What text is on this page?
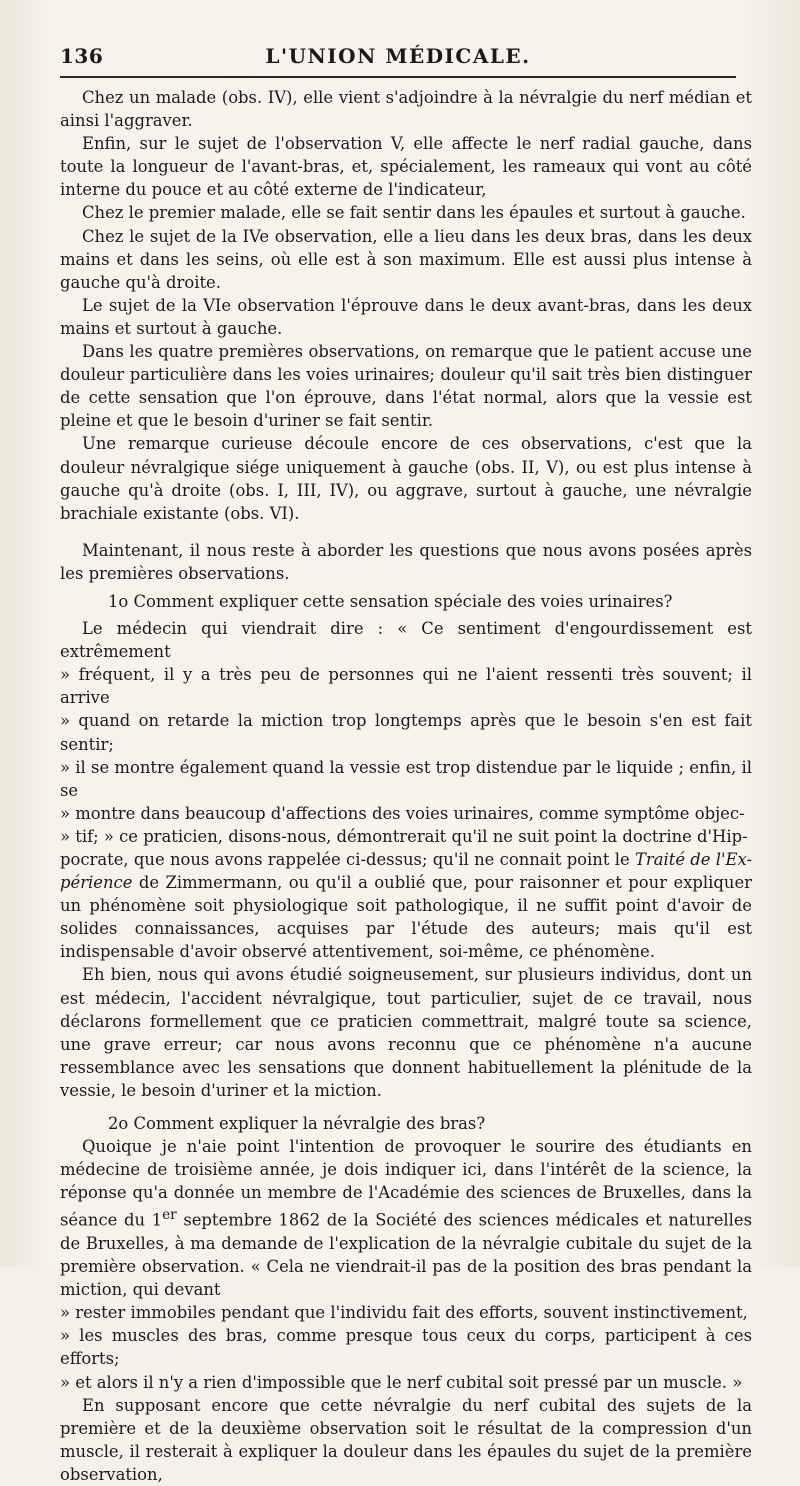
136	L'UNION MÉDICALE.

Chez un malade (obs. IV), elle vient s'adjoindre à la névralgie du nerf médian et ainsi l'aggraver.

Enfin, sur le sujet de l'observation V, elle affecte le nerf radial gauche, dans toute la longueur de l'avant-bras, et, spécialement, les rameaux qui vont au côté interne du pouce et au côté externe de l'indicateur,

Chez le premier malade, elle se fait sentir dans les épaules et surtout à gauche.

Chez le sujet de la IVe observation, elle a lieu dans les deux bras, dans les deux mains et dans les seins, où elle est à son maximum. Elle est aussi plus intense à gauche qu'à droite.

Le sujet de la VIe observation l'éprouve dans le deux avant-bras, dans les deux mains et surtout à gauche.

Dans les quatre premières observations, on remarque que le patient accuse une douleur particulière dans les voies urinaires; douleur qu'il sait très bien distinguer de cette sensation que l'on éprouve, dans l'état normal, alors que la vessie est pleine et que le besoin d'uriner se fait sentir.

Une remarque curieuse découle encore de ces observations, c'est que la douleur névralgique siége uniquement à gauche (obs. II, V), ou est plus intense à gauche qu'à droite (obs. I, III, IV), ou aggrave, surtout à gauche, une névralgie brachiale existante (obs. VI).

Maintenant, il nous reste à aborder les questions que nous avons posées après les premières observations.

1o Comment expliquer cette sensation spéciale des voies urinaires?

Le médecin qui viendrait dire : « Ce sentiment d'engourdissement est extrêmement
» fréquent, il y a très peu de personnes qui ne l'aient ressenti très souvent; il arrive
» quand on retarde la miction trop longtemps après que le besoin s'en est fait sentir;
» il se montre également quand la vessie est trop distendue par le liquide ; enfin, il se
» montre dans beaucoup d'affections des voies urinaires, comme symptôme objec-
» tif; » ce praticien, disons-nous, démontrerait qu'il ne suit point la doctrine d'Hip-
pocrate, que nous avons rappelée ci-dessus; qu'il ne connait point le Traité de l'Ex- périence de Zimmermann, ou qu'il a oublié que, pour raisonner et pour expliquer un phénomène soit physiologique soit pathologique, il ne suffit point d'avoir de solides connaissances, acquises par l'étude des auteurs; mais qu'il est indispensable d'avoir observé attentivement, soi-même, ce phénomène.

Eh bien, nous qui avons étudié soigneusement, sur plusieurs individus, dont un est médecin, l'accident névralgique, tout particulier, sujet de ce travail, nous déclarons formellement que ce praticien commettrait, malgré toute sa science, une grave erreur; car nous avons reconnu que ce phénomène n'a aucune ressemblance avec les sensations que donnent habituellement la plénitude de la vessie, le besoin d'uriner et la miction.

2o Comment expliquer la névralgie des bras?

Quoique je n'aie point l'intention de provoquer le sourire des étudiants en médecine de troisième année, je dois indiquer ici, dans l'intérêt de la science, la réponse qu'a donnée un membre de l'Académie des sciences de Bruxelles, dans la séance du 1er septembre 1862 de la Société des sciences médicales et naturelles de Bruxelles, à ma demande de l'explication de la névralgie cubitale du sujet de la première observation. « Cela ne viendrait-il pas de la position des bras pendant la miction, qui devant
» rester immobiles pendant que l'individu fait des efforts, souvent instinctivement,
» les muscles des bras, comme presque tous ceux du corps, participent à ces efforts;
» et alors il n'y a rien d'impossible que le nerf cubital soit pressé par un muscle. »

En supposant encore que cette névralgie du nerf cubital des sujets de la première et de la deuxième observation soit le résultat de la compression d'un muscle, il resterait à expliquer la douleur dans les épaules du sujet de la première observation,
